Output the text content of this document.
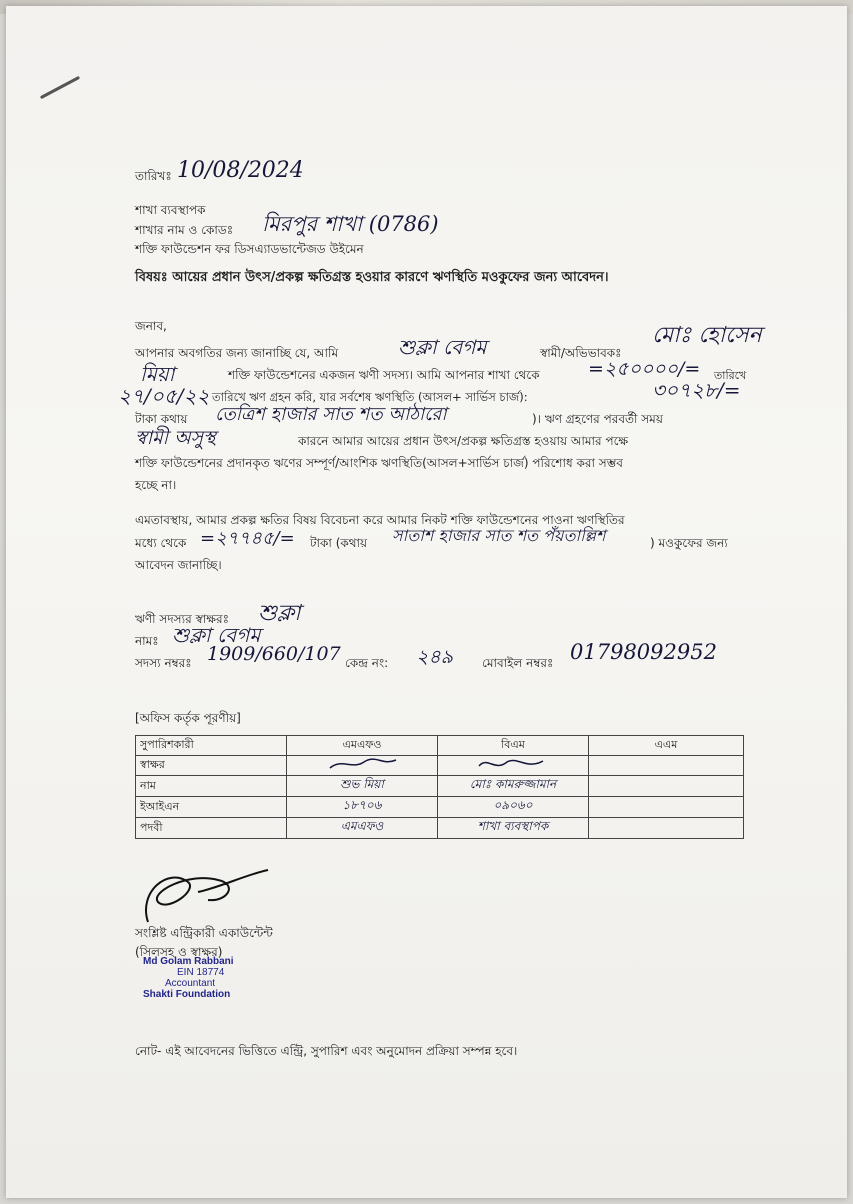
তারিখঃ 10/08/2024
শাখা ব্যবস্থাপক
শাখার নাম ও কোডঃ মিরপুর শাখা (0786)
শক্তি ফাউন্ডেশন ফর ডিসএ্যাডভান্টেজড উইমেন
বিষয়ঃ আয়ের প্রধান উৎস/প্রকল্প ক্ষতিগ্রস্ত হওয়ার কারণে ঋণস্থিতি মওকুফের জন্য আবেদন।
জনাব,
আপনার অবগতির জন্য জানাচ্ছি যে, আমি	শুক্লা বেগম	স্বামী/অভিভাবকঃ
মোঃ হোসেন
মিয়া	শক্তি ফাউন্ডেশনের একজন ঋণী সদস্য। আমি আপনার শাখা থেকে	=২৫০০০০/= তারিখে
২৭/০৫/২২ তারিখে ঋণ গ্রহন করি, যার সর্বশেষ ঋণস্থিতি (আসল+ সার্ভিস চার্জ):	৩০৭২৮/=
টাকা কথায় তেত্রিশ হাজার সাত শত আঠারো	)। ঋণ গ্রহণের পরবর্তী সময়
স্বামী অসুস্থ	কারনে আমার আয়ের প্রধান উৎস/প্রকল্প ক্ষতিগ্রস্ত হওয়ায় আমার পক্ষে
শক্তি ফাউন্ডেশনের প্রদানকৃত ঋণের সম্পূর্ণ/আংশিক ঋণস্থিতি(আসল+সার্ভিস চার্জ) পরিশোধ করা সম্ভব
হচ্ছে না।
এমতাবস্থায়, আমার প্রকল্প ক্ষতির বিষয় বিবেচনা করে আমার নিকট শক্তি ফাউন্ডেশনের পাওনা ঋণস্থিতির
মধ্যে থেকে =২৭৭৪৫/= টাকা (কথায় সাতাশ হাজার সাত শত পঁয়তাল্লিশ	) মওকুফের জন্য
আবেদন জানাচ্ছি।
ঋণী সদস্যর স্বাক্ষরঃ শুক্লা
নামঃ শুক্লা বেগম
সদস্য নম্বরঃ 1909/660/107 কেন্দ্র নং: ২৪৯ মোবাইল নম্বরঃ 01798092952
[অফিস কর্তৃক পূরণীয়]
সুপারিশকারী	এমএফও	বিএম	এএম
স্বাক্ষর			
নাম	শুভ মিয়া	মোঃ কামরুজ্জামান	
ইআইএন	১৮৭০৬	০৯০৬০	
পদবী	এমএফও	শাখা ব্যবস্থাপক	
সংশ্লিষ্ট এন্ট্রিকারী একাউন্টেন্ট
(সিলসহ ও স্বাক্ষর)
Md Golam Rabbani
EIN 18774
Accountant
Shakti Foundation
নোট- এই আবেদনের ভিত্তিতে এন্ট্রি, সুপারিশ এবং অনুমোদন প্রক্রিয়া সম্পন্ন হবে।
